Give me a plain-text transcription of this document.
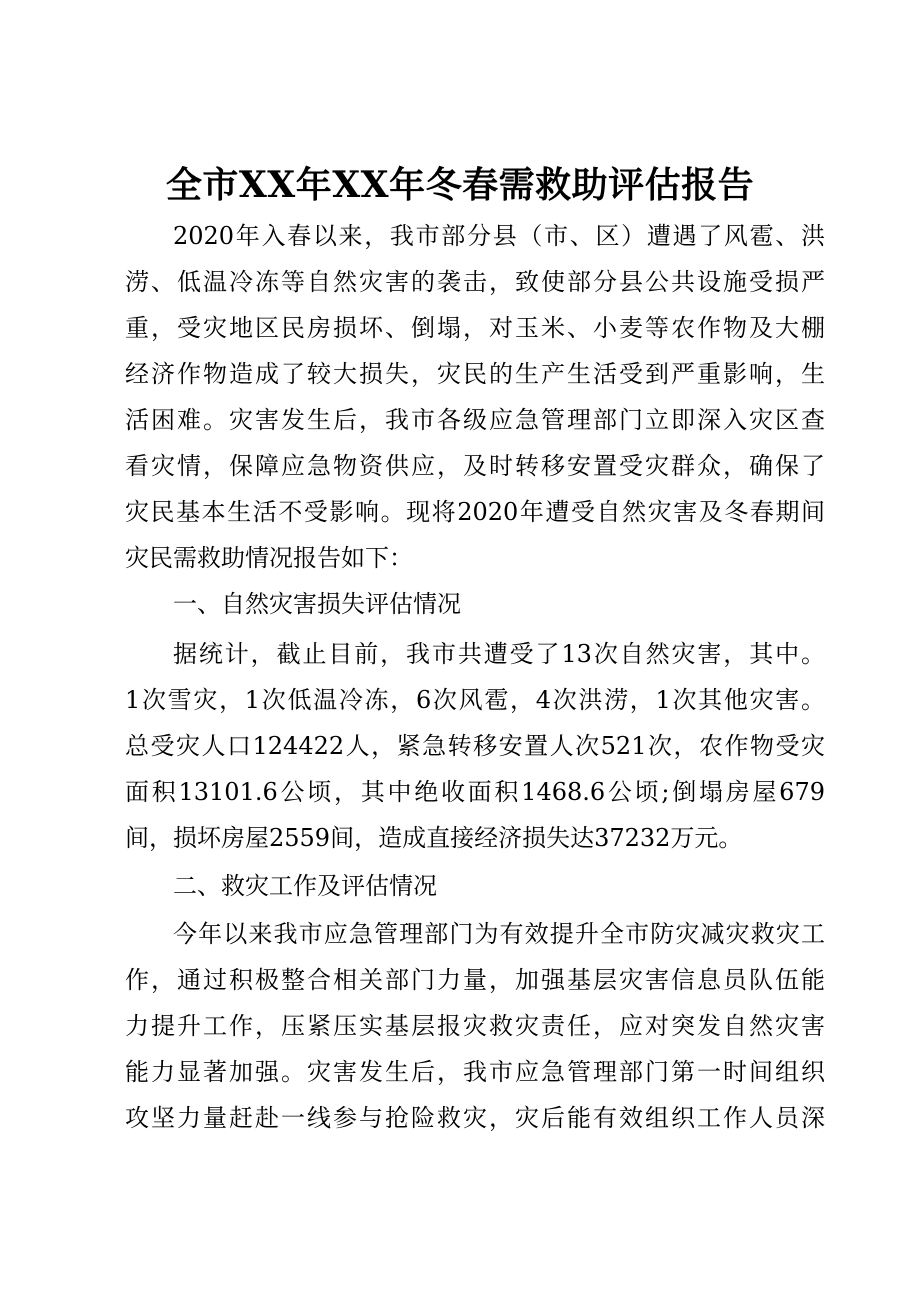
全市XX年XX年冬春需救助评估报告
2020年入春以来，我市部分县（市、区）遭遇了风雹、洪
涝、低温冷冻等自然灾害的袭击，致使部分县公共设施受损严
重，受灾地区民房损坏、倒塌，对玉米、小麦等农作物及大棚
经济作物造成了较大损失，灾民的生产生活受到严重影响，生
活困难。灾害发生后，我市各级应急管理部门立即深入灾区查
看灾情，保障应急物资供应，及时转移安置受灾群众，确保了
灾民基本生活不受影响。现将2020年遭受自然灾害及冬春期间
灾民需救助情况报告如下：
一、自然灾害损失评估情况
据统计，截止目前，我市共遭受了13次自然灾害，其中。
1次雪灾，1次低温冷冻，6次风雹，4次洪涝，1次其他灾害。
总受灾人口124422人，紧急转移安置人次521次，农作物受灾
面积13101.6公顷，其中绝收面积1468.6公顷;倒塌房屋679
间，损坏房屋2559间，造成直接经济损失达37232万元。
二、救灾工作及评估情况
今年以来我市应急管理部门为有效提升全市防灾减灾救灾工
作，通过积极整合相关部门力量，加强基层灾害信息员队伍能
力提升工作，压紧压实基层报灾救灾责任，应对突发自然灾害
能力显著加强。灾害发生后，我市应急管理部门第一时间组织
攻坚力量赶赴一线参与抢险救灾，灾后能有效组织工作人员深
